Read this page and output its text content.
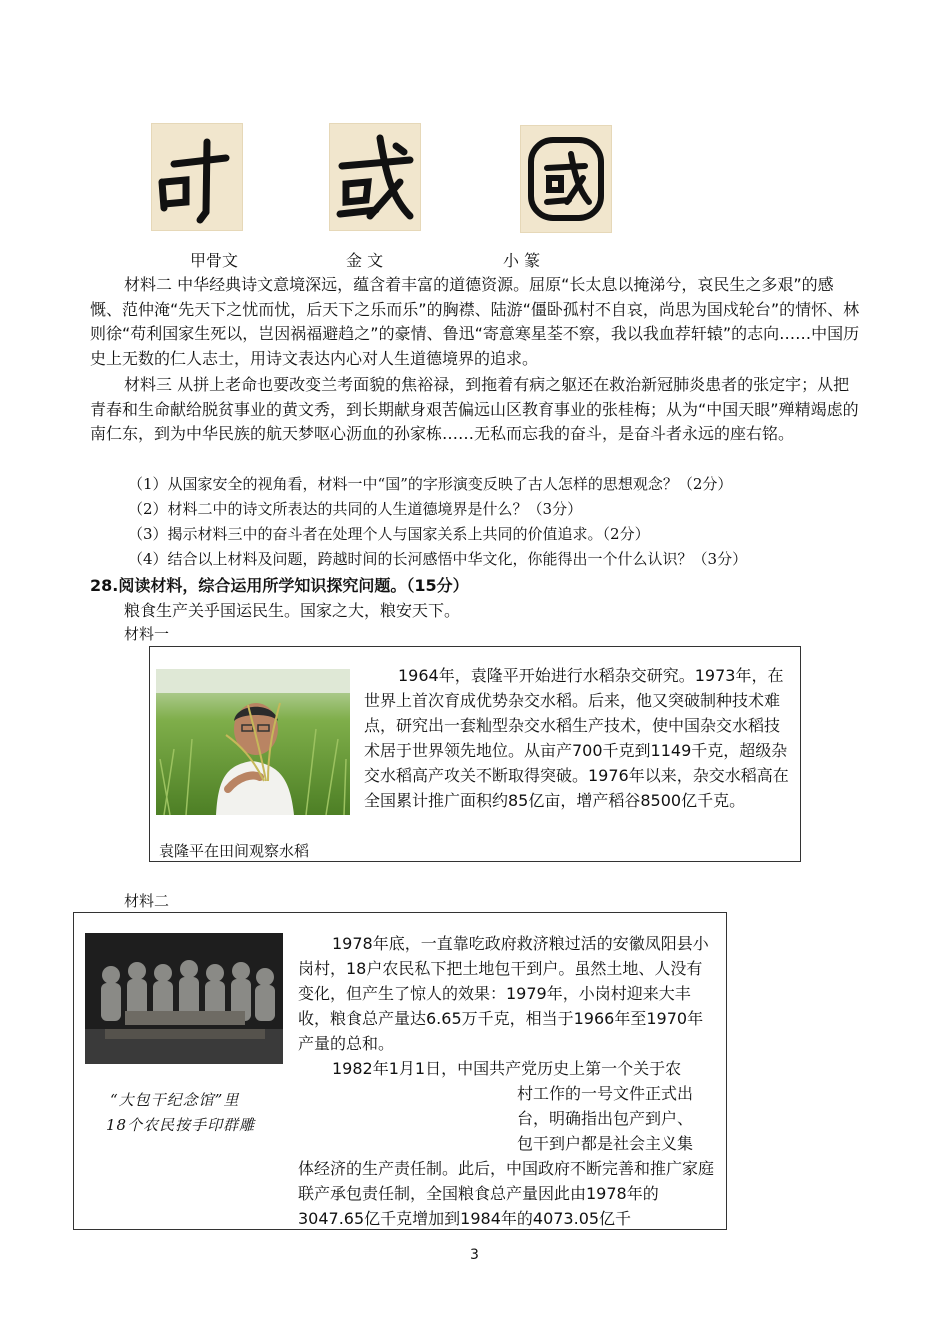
甲骨文	金 文	小 篆

材料二 中华经典诗文意境深远，蕴含着丰富的道德资源。屈原“长太息以掩涕兮，哀民生之多艰”的感慨、范仲淹“先天下之忧而忧，后天下之乐而乐”的胸襟、陆游“僵卧孤村不自哀，尚思为国戍轮台”的情怀、林则徐“苟利国家生死以，岂因祸福避趋之”的豪情、鲁迅“寄意寒星荃不察，我以我血荐轩辕”的志向……中国历史上无数的仁人志士，用诗文表达内心对人生道德境界的追求。

材料三 从拼上老命也要改变兰考面貌的焦裕禄，到拖着有病之躯还在救治新冠肺炎患者的张定宇；从把青春和生命献给脱贫事业的黄文秀，到长期献身艰苦偏远山区教育事业的张桂梅；从为“中国天眼”殚精竭虑的南仁东，到为中华民族的航天梦呕心沥血的孙家栋……无私而忘我的奋斗，是奋斗者永远的座右铭。

（1）从国家安全的视角看，材料一中“国”的字形演变反映了古人怎样的思想观念？（2分）
（2）材料二中的诗文所表达的共同的人生道德境界是什么？（3分）
（3）揭示材料三中的奋斗者在处理个人与国家关系上共同的价值追求。（2分）
（4）结合以上材料及问题，跨越时间的长河感悟中华文化，你能得出一个什么认识？（3分）
28.阅读材料，综合运用所学知识探究问题。（15分）
粮食生产关乎国运民生。国家之大，粮安天下。
材料一
袁隆平在田间观察水稻

1964年，袁隆平开始进行水稻杂交研究。1973年，在世界上首次育成优势杂交水稻。后来，他又突破制种技术难点，研究出一套籼型杂交水稻生产技术，使中国杂交水稻技术居于世界领先地位。从亩产700千克到1149千克，超级杂交水稻高产攻关不断取得突破。1976年以来，杂交水稻高在全国累计推广面积约85亿亩，增产稻谷8500亿千克。

材料二
“大包干纪念馆”里
18个农民按手印群雕

1978年底，一直靠吃政府救济粮过活的安徽凤阳县小岗村，18户农民私下把土地包干到户。虽然土地、人没有变化，但产生了惊人的效果：1979年，小岗村迎来大丰收，粮食总产量达6.65万千克，相当于1966年至1970年产量的总和。

1982年1月1日，中国共产党历史上第一个关于农

村工作的一号文件正式出

台，明确指出包产到户、

包干到户都是社会主义集

体经济的生产责任制。此后，中国政府不断完善和推广家庭联产承包责任制，全国粮食总产量因此由1978年的3047.65亿千克增加到1984年的4073.05亿千

3
